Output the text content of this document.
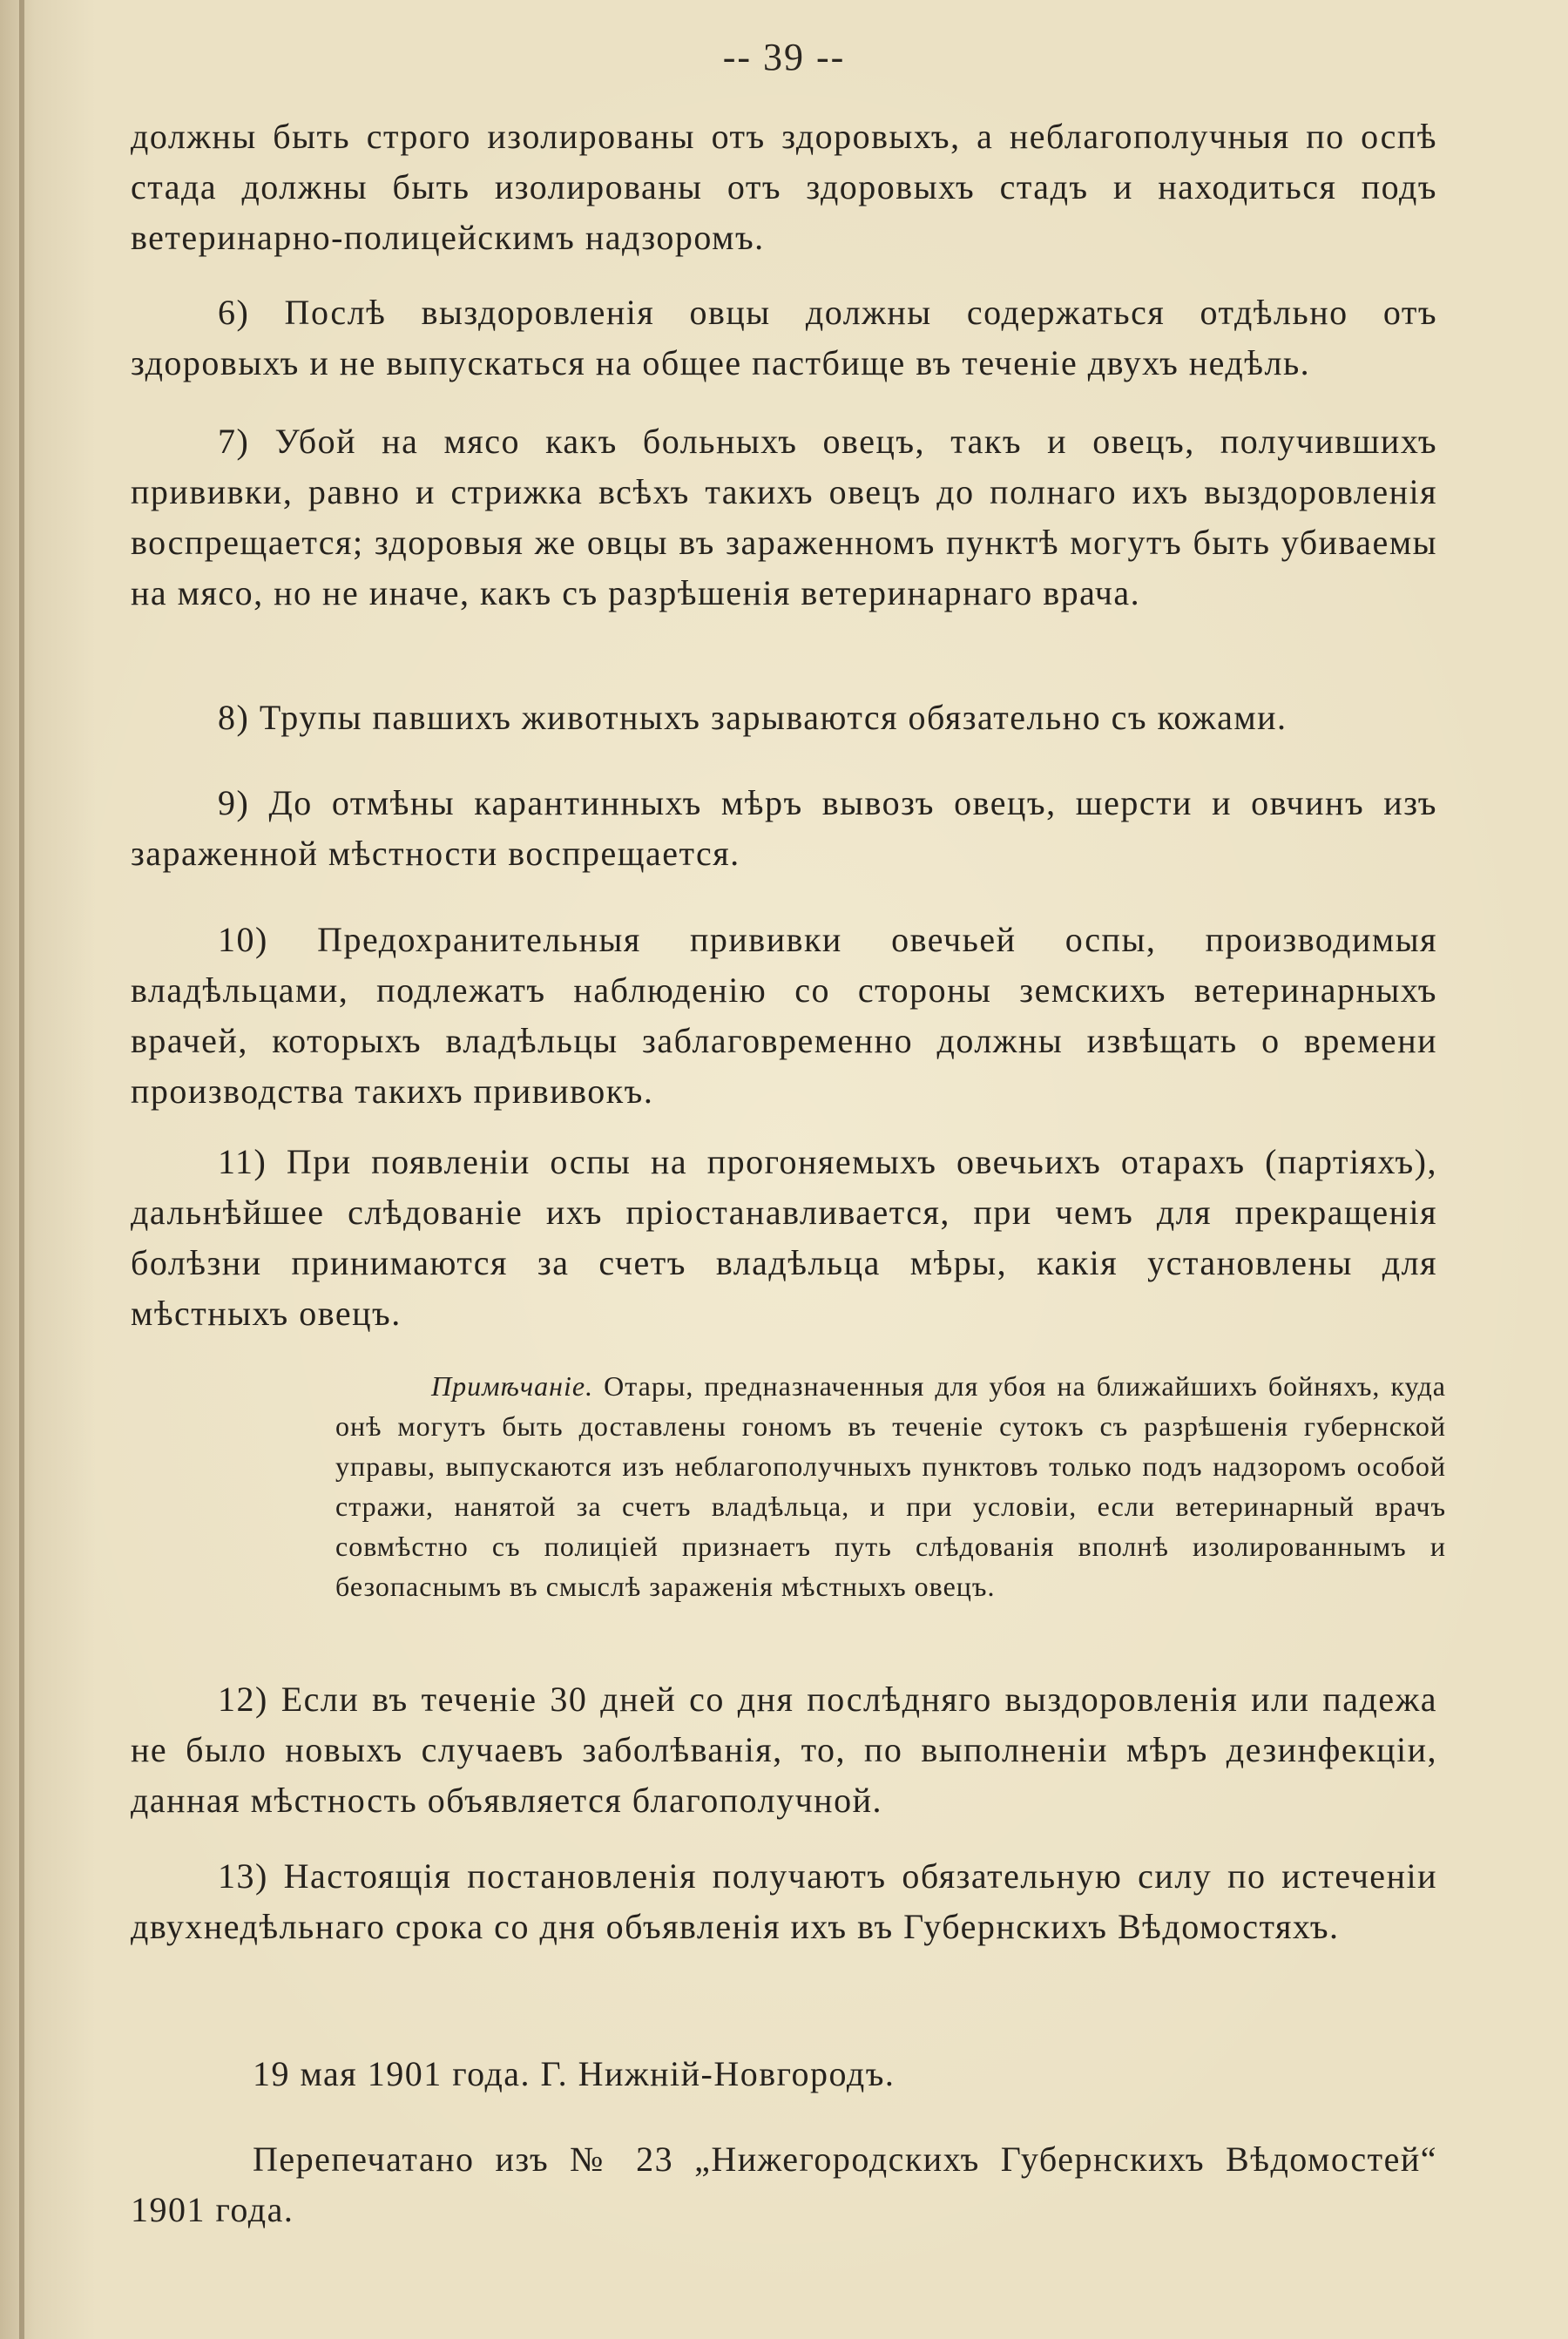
-- 39 --

должны быть строго изолированы отъ здоровыхъ, а неблагополучныя по оспѣ стада должны быть изолированы отъ здоровыхъ стадъ и находиться подъ ветеринарно-полицейскимъ надзоромъ.

6) Послѣ выздоровленія овцы должны содержаться отдѣльно отъ здоровыхъ и не выпускаться на общее пастбище въ теченіе двухъ недѣль.

7) Убой на мясо какъ больныхъ овецъ, такъ и овецъ, получившихъ прививки, равно и стрижка всѣхъ такихъ овецъ до полнаго ихъ выздоровленія воспрещается; здоровыя же овцы въ зараженномъ пунктѣ могутъ быть убиваемы на мясо, но не иначе, какъ съ разрѣшенія ветеринарнаго врача.

8) Трупы павшихъ животныхъ зарываются обязательно съ кожами.

9) До отмѣны карантинныхъ мѣръ вывозъ овецъ, шерсти и овчинъ изъ зараженной мѣстности воспрещается.

10) Предохранительныя прививки овечьей оспы, производимыя владѣльцами, подлежатъ наблюденію со стороны земскихъ ветеринарныхъ врачей, которыхъ владѣльцы заблаговременно должны извѣщать о времени производства такихъ прививокъ.

11) При появленіи оспы на прогоняемыхъ овечьихъ отарахъ (партіяхъ), дальнѣйшее слѣдованіе ихъ пріостанавливается, при чемъ для прекращенія болѣзни принимаются за счетъ владѣльца мѣры, какія установлены для мѣстныхъ овецъ.

Примѣчаніе. Отары, предназначенныя для убоя на ближайшихъ бойняхъ, куда онѣ могутъ быть доставлены гономъ въ теченіе сутокъ съ разрѣшенія губернской управы, выпускаются изъ неблагополучныхъ пунктовъ только подъ надзоромъ особой стражи, нанятой за счетъ владѣльца, и при условіи, если ветеринарный врачъ совмѣстно съ полиціей признаетъ путь слѣдованія вполнѣ изолированнымъ и безопаснымъ въ смыслѣ зараженія мѣстныхъ овецъ.

12) Если въ теченіе 30 дней со дня послѣдняго выздоровленія или падежа не было новыхъ случаевъ заболѣванія, то, по выполненіи мѣръ дезинфекціи, данная мѣстность объявляется благополучной.

13) Настоящія постановленія получаютъ обязательную силу по истеченіи двухнедѣльнаго срока со дня объявленія ихъ въ Губернскихъ Вѣдомостяхъ.

19 мая 1901 года. Г. Нижній-Новгородъ.

Перепечатано изъ № 23 „Нижегородскихъ Губернскихъ Вѣдомостей“ 1901 года.
